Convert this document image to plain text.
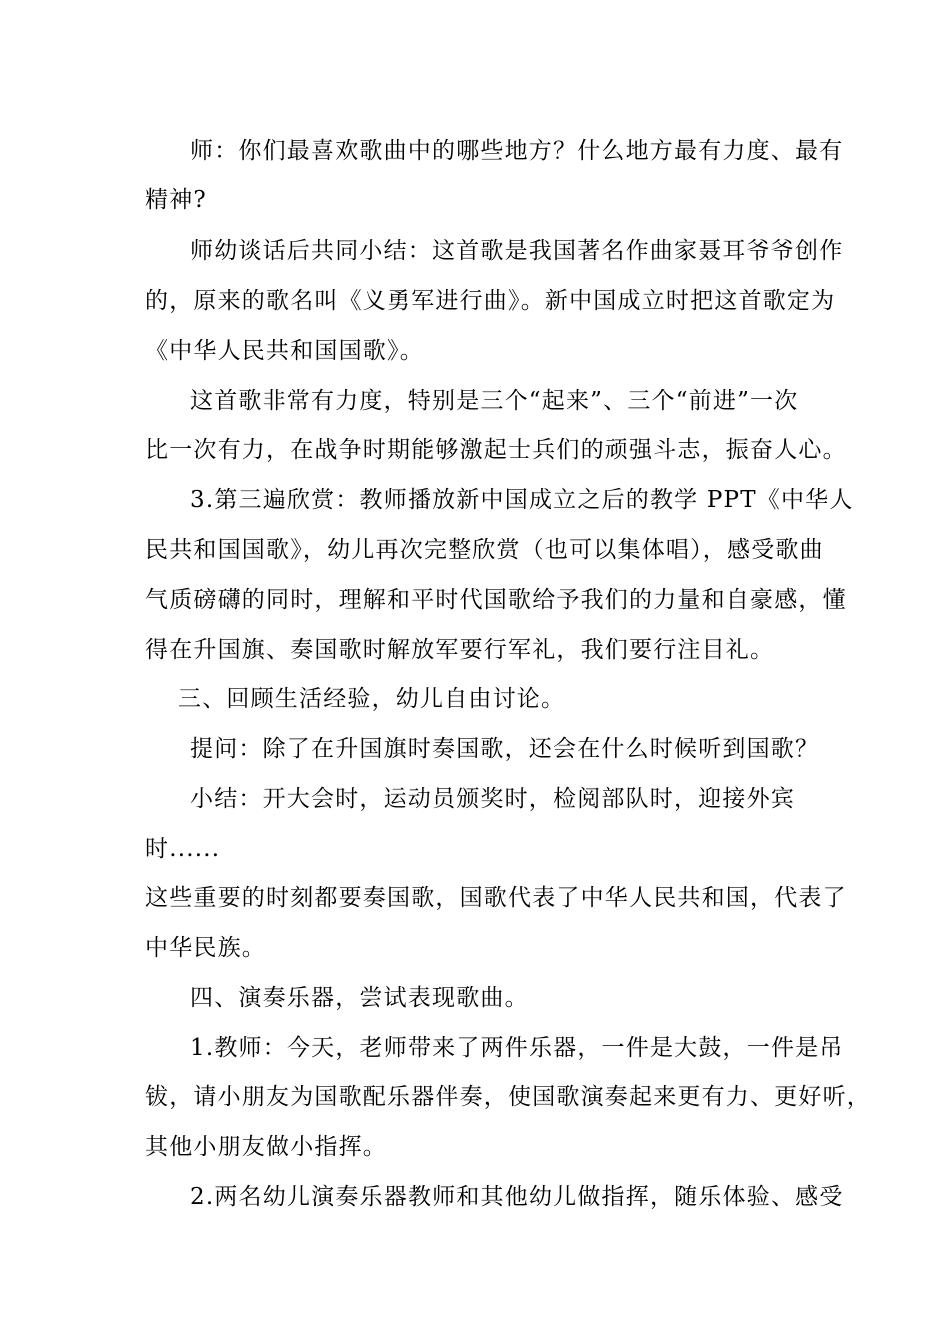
师：你们最喜欢歌曲中的哪些地方？什么地方最有力度、最有
精神?
师幼谈话后共同小结：这首歌是我国著名作曲家聂耳爷爷创作
的，原来的歌名叫《义勇军进行曲》。新中国成立时把这首歌定为
《中华人民共和国国歌》。
这首歌非常有力度，特别是三个“起来”、三个“前进”一次
比一次有力，在战争时期能够激起士兵们的顽强斗志，振奋人心。
3.第三遍欣赏：教师播放新中国成立之后的教学 PPT《中华人
民共和国国歌》，幼儿再次完整欣赏（也可以集体唱），感受歌曲
气质磅礴的同时，理解和平时代国歌给予我们的力量和自豪感，懂
得在升国旗、奏国歌时解放军要行军礼，我们要行注目礼。
三、回顾生活经验，幼儿自由讨论。
提问：除了在升国旗时奏国歌，还会在什么时候听到国歌？
小结：开大会时，运动员颁奖时，检阅部队时，迎接外宾
时......
这些重要的时刻都要奏国歌，国歌代表了中华人民共和国，代表了
中华民族。
四、演奏乐器，尝试表现歌曲。
1.教师：今天，老师带来了两件乐器，一件是大鼓，一件是吊
钹，请小朋友为国歌配乐器伴奏，使国歌演奏起来更有力、更好听，
其他小朋友做小指挥。
2.两名幼儿演奏乐器教师和其他幼儿做指挥，随乐体验、感受
